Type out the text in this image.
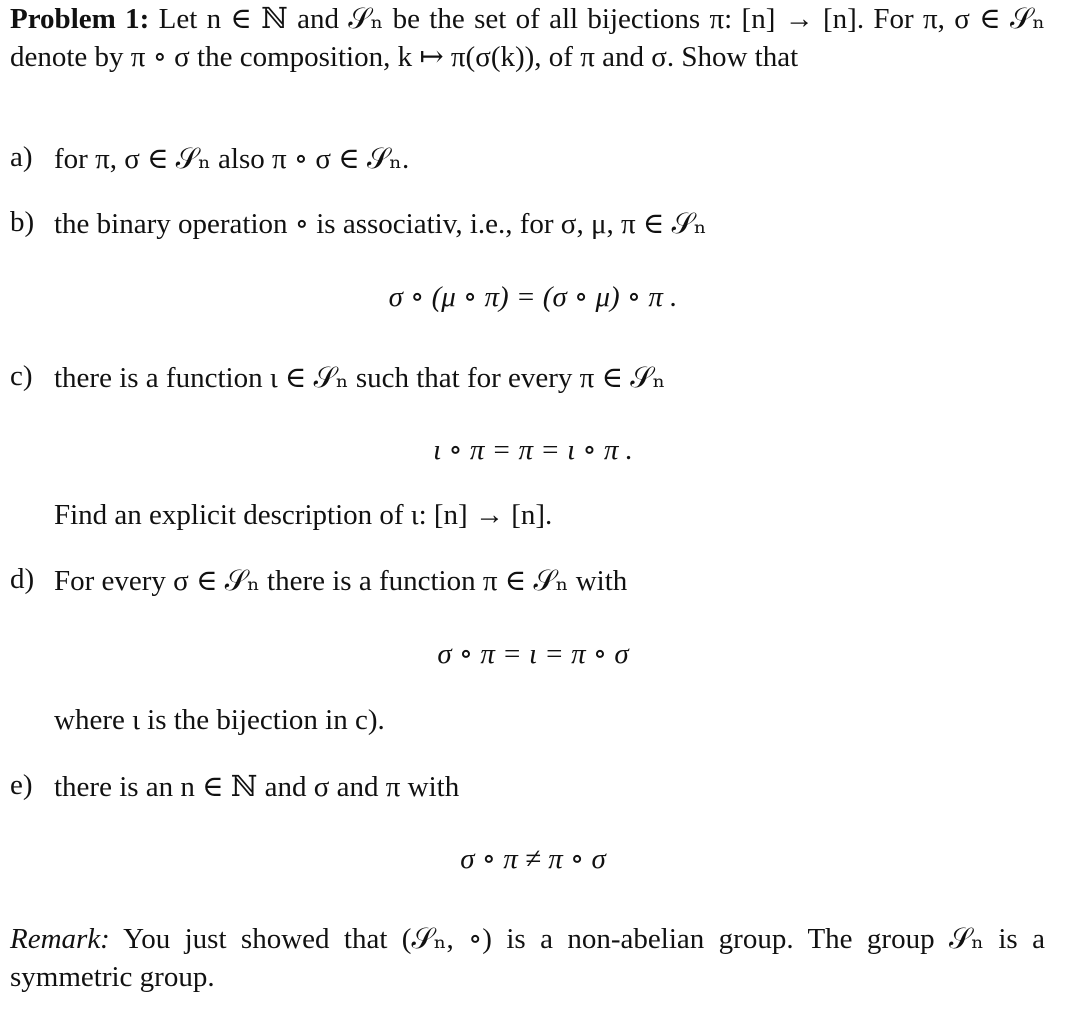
Problem 1: Let n ∈ ℕ and 𝒮ₙ be the set of all bijections π: [n] → [n]. For π, σ ∈ 𝒮ₙ denote by π ∘ σ the composition, k ↦ π(σ(k)), of π and σ. Show that
a) for π, σ ∈ 𝒮ₙ also π ∘ σ ∈ 𝒮ₙ.
b) the binary operation ∘ is associativ, i.e., for σ, μ, π ∈ 𝒮ₙ
σ ∘ (μ ∘ π) = (σ ∘ μ) ∘ π .
c) there is a function ι ∈ 𝒮ₙ such that for every π ∈ 𝒮ₙ
ι ∘ π = π = ι ∘ π .
Find an explicit description of ι: [n] → [n].
d) For every σ ∈ 𝒮ₙ there is a function π ∈ 𝒮ₙ with
σ ∘ π = ι = π ∘ σ
where ι is the bijection in c).
e) there is an n ∈ ℕ and σ and π with
σ ∘ π ≠ π ∘ σ
Remark: You just showed that (𝒮ₙ, ∘) is a non-abelian group. The group 𝒮ₙ is a symmetric group.
